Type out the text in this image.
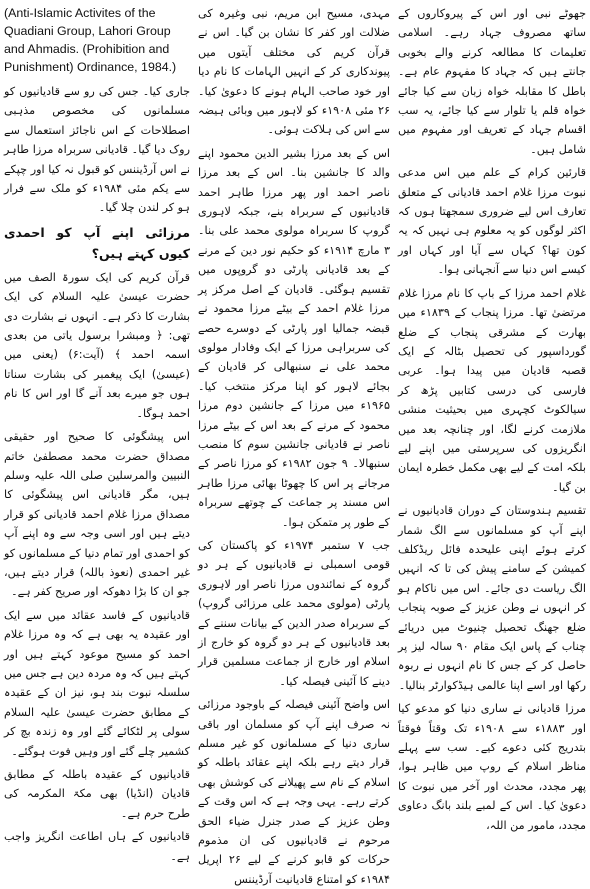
(Anti-Islamic Activites of the Quadiani Group, Lahori Group and Ahmadis. (Prohibition and Punishment) Ordinance, 1984.)

جاری کیا۔ جس کی رو سے قادیانیوں کو مسلمانوں کی مخصوص مذہبی اصطلاحات کے اس ناجائز استعمال سے روک دیا گیا۔ قادیانی سربراہ مرزا طاہر نے اس آرڈیننس کو قبول نہ کیا اور چپکے سے یکم مئی ۱۹۸۴ء کو ملک سے فرار ہو کر لندن چلا گیا۔

مرزائی اپنے آپ کو احمدی کیوں کہتے ہیں؟

قرآن کریم کی ایک سورۃ الصف میں حضرت عیسیٰ علیہ السلام کی ایک بشارت کا ذکر ہے۔ انہوں نے بشارت دی تھی: ﴿ ومبشرا برسول یاتی من بعدی اسمہ احمد ﴾ (آیت:۶) (یعنی میں (عیسیٰ) ایک پیغمبر کی بشارت سناتا ہوں جو میرے بعد آنے گا اور اس کا نام احمد ہوگا۔

اس پیشگوئی کا صحیح اور حقیقی مصداق حضرت محمد مصطفیٰ خاتم النبیین والمرسلین صلی اللہ علیہ وسلم ہیں، مگر قادیانی اس پیشگوئی کا مصداق مرزا غلام احمد قادیانی کو قرار دیتے ہیں اور اسی وجہ سے وہ اپنے آپ کو احمدی اور تمام دنیا کے مسلمانوں کو غیر احمدی (نعوذ باللہ) قرار دیتے ہیں، جو ان کا بڑا دھوکہ اور صریح کفر ہے۔

قادیانیوں کے فاسد عقائد میں سے ایک اور عقیدہ یہ بھی ہے کہ وہ مرزا غلام احمد کو مسیح موعود کہتے ہیں اور کہتے ہیں کہ وہ مردہ دین ہے جس میں سلسلہ نبوت بند ہو، نیز ان کے عقیدہ کے مطابق حضرت عیسیٰ علیہ السلام سولی پر لٹکائے گئے اور وہ زندہ بچ کر کشمیر چلے گئے اور وہیں فوت ہوگئے۔

قادیانیوں کے عقیدہ باطلہ کے مطابق قادیان (انڈیا) بھی مکۃ المکرمہ کی طرح حرم ہے۔

قادیانیوں کے ہاں اطاعت انگریز واجب ہے۔

مہدی، مسیح ابن مریم، نبی وغیرہ کی ضلالت اور کفر کا نشان بن گیا۔ اس نے قرآن کریم کی مختلف آیتوں میں پیوندکاری کر کے انہیں الہامات کا نام دیا اور خود صاحب الہام ہونے کا دعویٰ کیا۔ ۲۶ مئی ۱۹۰۸ء کو لاہور میں وبائی ہیضہ سے اس کی ہلاکت ہوئی۔

اس کے بعد مرزا بشیر الدین محمود اپنے والد کا جانشین بنا۔ اس کے بعد مرزا ناصر احمد اور پھر مرزا طاہر احمد قادیانیوں کے سربراہ بنے، جبکہ لاہوری گروپ کا سربراہ مولوی محمد علی بنا۔ ۳ مارچ ۱۹۱۴ء کو حکیم نور دین کے مرنے کے بعد قادیانی پارٹی دو گروپوں میں تقسیم ہوگئی۔ قادیان کے اصل مرکز پر مرزا غلام احمد کے بیٹے مرزا محمود نے قبضہ جمالیا اور پارٹی کے دوسرے حصے کی سربراہی مرزا کے ایک وفادار مولوی محمد علی نے سنبھالی کر قادیان کے بجائے لاہور کو اپنا مرکز منتخب کیا۔ ۱۹۶۵ء میں مرزا کے جانشین دوم مرزا محمود کے مرنے کے بعد اس کے بیٹے مرزا ناصر نے قادیانی جانشین سوم کا منصب سنبھالا۔ ۹ جون ۱۹۸۲ء کو مرزا ناصر کے مرجانے پر اس کا چھوٹا بھائی مرزا طاہر اس مسند پر جماعت کے چوتھے سربراہ کے طور پر متمکن ہوا۔

جب ۷ ستمبر ۱۹۷۴ء کو پاکستان کی قومی اسمبلی نے قادیانیوں کے ہر دو گروہ کے نمائندوں مرزا ناصر اور لاہوری پارٹی (مولوی محمد علی مرزائی گروپ) کے سربراہ صدر الدین کے بیانات سننے کے بعد قادیانیوں کے ہر دو گروہ کو خارج از اسلام اور خارج از جماعت مسلمین قرار دینے کا آئینی فیصلہ کیا۔

اس واضح آئینی فیصلہ کے باوجود مرزائی نہ صرف اپنے آپ کو مسلمان اور باقی ساری دنیا کے مسلمانوں کو غیر مسلم قرار دیتے رہے بلکہ اپنے عقائد باطلہ کو اسلام کے نام سے پھیلانے کی کوشش بھی کرتے رہے۔ یہی وجہ ہے کہ اس وقت کے وطن عزیز کے صدر جنرل ضیاء الحق مرحوم نے قادیانیوں کی ان مذموم حرکات کو قابو کرنے کے لیے ۲۶ اپریل ۱۹۸۴ء کو امتناع قادیانیت آرڈیننس

جھوٹے نبی اور اس کے پیروکاروں کے ساتھ مصروف جہاد رہے۔ اسلامی تعلیمات کا مطالعہ کرنے والے بخوبی جانتے ہیں کہ جہاد کا مفہوم عام ہے۔ باطل کا مقابلہ خواہ زبان سے کیا جائے خواہ قلم یا تلوار سے کیا جائے، یہ سب اقسام جہاد کے تعریف اور مفہوم میں شامل ہیں۔

قارئین کرام کے علم میں اس مدعی نبوت مرزا غلام احمد قادیانی کے متعلق تعارف اس لیے ضروری سمجھتا ہوں کہ اکثر لوگوں کو یہ معلوم ہی نہیں کہ یہ کون تھا؟ کہاں سے آیا اور کہاں اور کیسے اس دنیا سے آنجہانی ہوا۔

غلام احمد مرزا کے باپ کا نام مرزا غلام مرتضیٰ تھا۔ مرزا پنجاب کے ۱۸۳۹ء میں بھارت کے مشرقی پنجاب کے ضلع گورداسپور کی تحصیل بٹالہ کے ایک قصبہ قادیان میں پیدا ہوا۔ عربی فارسی کی درسی کتابیں پڑھ کر سیالکوٹ کچہری میں بحیثیت منشی ملازمت کرنے لگا، اور چنانچہ بعد میں انگریزوں کی سرپرستی میں اپنے لیے بلکہ امت کے لیے بھی مکمل خطرہ ایمان بن گیا۔

تقسیم ہندوستان کے دوران قادیانیوں نے اپنے آپ کو مسلمانوں سے الگ شمار کرتے ہوئے اپنی علیحدہ فائل ریڈکلف کمیشن کے سامنے پیش کی تا کہ انہیں الگ ریاست دی جائے۔ اس میں ناکام ہو کر انہوں نے وطن عزیز کے صوبہ پنجاب ضلع جھنگ تحصیل چنیوٹ میں دریائے چناب کے پاس ایک مقام ۹۰ سالہ لیز پر حاصل کر کے جس کا نام انہوں نے ربوہ رکھا اور اسے اپنا عالمی ہیڈکوارٹر بنالیا۔

مرزا قادیانی نے ساری دنیا کو مدعو کیا اور ۱۸۸۳ء سے ۱۹۰۸ء تک وقتاً فوقتاً بتدریج کئی دعوے کیے۔ سب سے پہلے مناظر اسلام کے روپ میں ظاہر ہوا، پھر مجدد، محدث اور آخر میں نبوت کا دعویٰ کیا۔ اس کے لمبے بلند بانگ دعاوی مجدد، مامور من اللہ،
